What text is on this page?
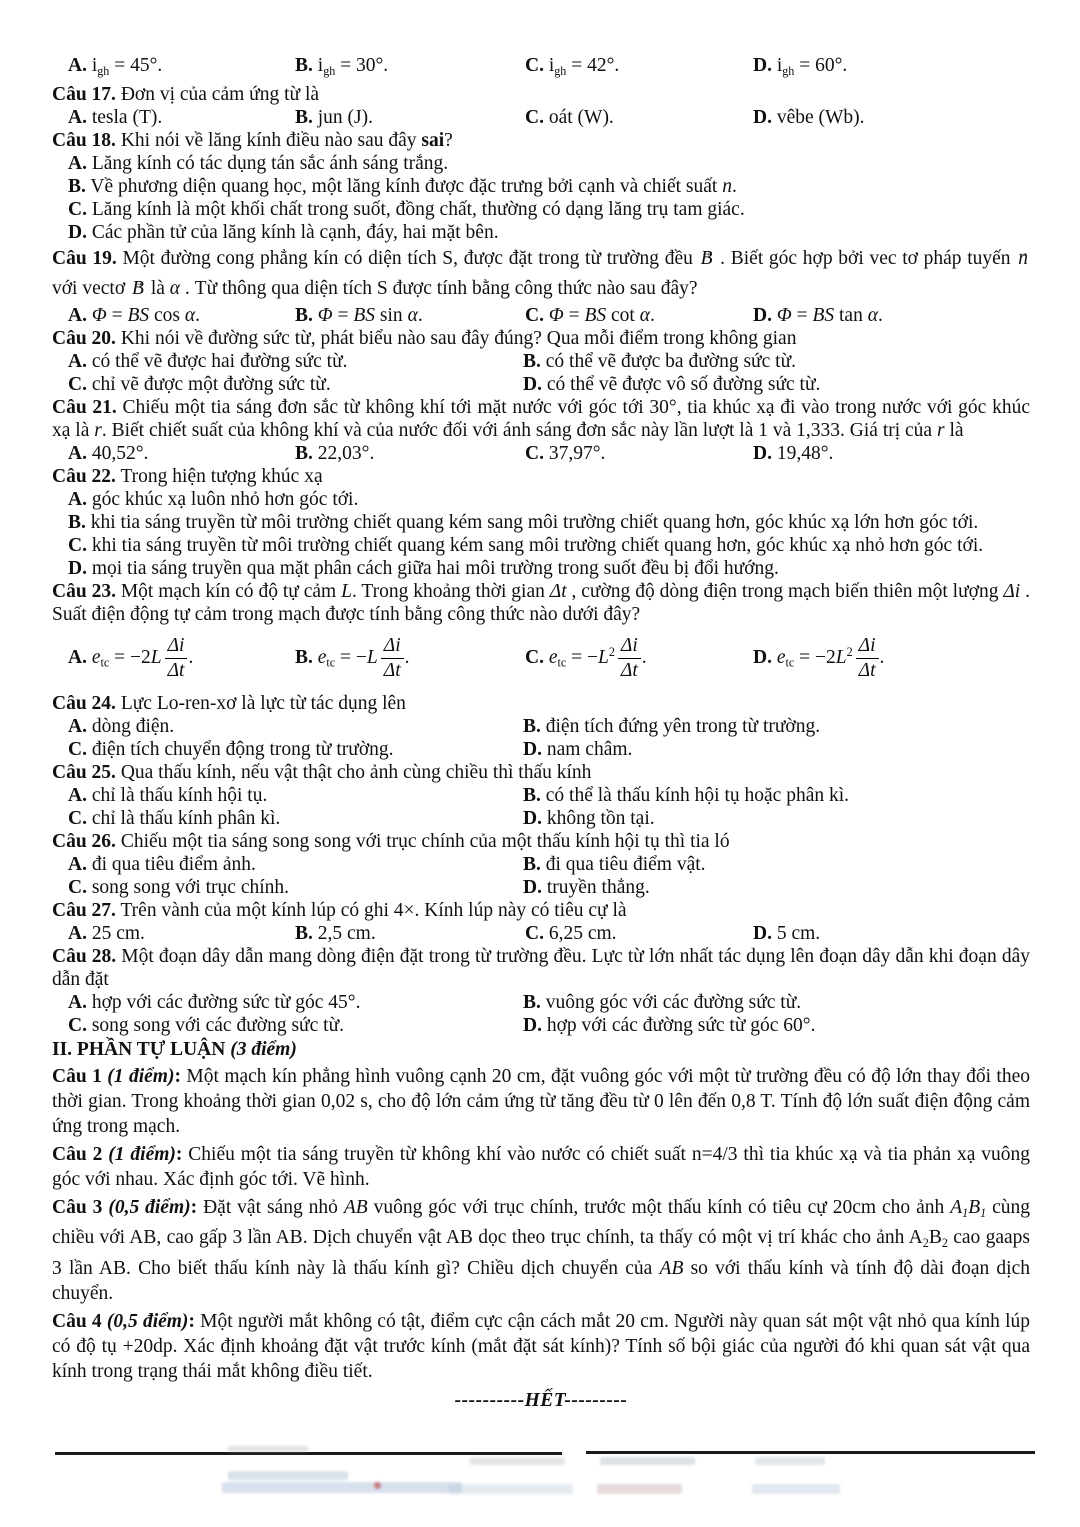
A. $i_{gh} = 45^\circ$.	B. $i_{gh} = 30^\circ$.	C. $i_{gh} = 42^\circ$.	D. $i_{gh} = 60^\circ$.
Câu 17. Đơn vị của cảm ứng từ là
A. tesla (T).	B. jun (J).	C. oát (W).	D. vêbe (Wb).
Câu 18. Khi nói về lăng kính điều nào sau đây sai?
A. Lăng kính có tác dụng tán sắc ánh sáng trắng.
B. Về phương diện quang học, một lăng kính được đặc trưng bởi cạnh và chiết suất n.
C. Lăng kính là một khối chất trong suốt, đồng chất, thường có dạng lăng trụ tam giác.
D. Các phần tử của lăng kính là cạnh, đáy, hai mặt bên.
Câu 19. Một đường cong phẳng kín có diện tích S, được đặt trong từ trường đều B → . Biết góc hợp bởi vec tơ pháp tuyến n → với vectơ B → là α . Từ thông qua diện tích S được tính bằng công thức nào sau đây?
A. Φ = BS cos α.	B. Φ = BS sin α.	C. Φ = BS cot α.	D. Φ = BS tan α.
Câu 20. Khi nói về đường sức từ, phát biểu nào sau đây đúng? Qua mỗi điểm trong không gian
A. có thể vẽ được hai đường sức từ.	B. có thể vẽ được ba đường sức từ.
C. chỉ vẽ được một đường sức từ.	D. có thể vẽ được vô số đường sức từ.
Câu 21. Chiếu một tia sáng đơn sắc từ không khí tới mặt nước với góc tới 30°, tia khúc xạ đi vào trong nước với góc khúc xạ là r. Biết chiết suất của không khí và của nước đối với ánh sáng đơn sắc này lần lượt là 1 và 1,333. Giá trị của r là
A. 40,52°.	B. 22,03°.	C. 37,97°.	D. 19,48°.
Câu 22. Trong hiện tượng khúc xạ
A. góc khúc xạ luôn nhỏ hơn góc tới.
B. khi tia sáng truyền từ môi trường chiết quang kém sang môi trường chiết quang hơn, góc khúc xạ lớn hơn góc tới.
C. khi tia sáng truyền từ môi trường chiết quang kém sang môi trường chiết quang hơn, góc khúc xạ nhỏ hơn góc tới.
D. mọi tia sáng truyền qua mặt phân cách giữa hai môi trường trong suốt đều bị đổi hướng.
Câu 23. Một mạch kín có độ tự cảm L. Trong khoảng thời gian Δt , cường độ dòng điện trong mạch biến thiên một lượng Δi . Suất điện động tự cảm trong mạch được tính bằng công thức nào dưới đây?
A. $e_{tc} = -2L \frac{\Delta i}{\Delta t}$ .	B. $e_{tc} = -L \frac{\Delta i}{\Delta t}$ .	C. $e_{tc} = -L^2 \frac{\Delta i}{\Delta t}$ .	D. $e_{tc} = -2L^2 \frac{\Delta i}{\Delta t}$ .
Câu 24. Lực Lo-ren-xơ là lực từ tác dụng lên
A. dòng điện.	B. điện tích đứng yên trong từ trường.
C. điện tích chuyển động trong từ trường.	D. nam châm.
Câu 25. Qua thấu kính, nếu vật thật cho ảnh cùng chiều thì thấu kính
A. chỉ là thấu kính hội tụ.	B. có thể là thấu kính hội tụ hoặc phân kì.
C. chỉ là thấu kính phân kì.	D. không tồn tại.
Câu 26. Chiếu một tia sáng song song với trục chính của một thấu kính hội tụ thì tia ló
A. đi qua tiêu điểm ảnh.	B. đi qua tiêu điểm vật.
C. song song với trục chính.	D. truyền thẳng.
Câu 27. Trên vành của một kính lúp có ghi 4×. Kính lúp này có tiêu cự là
A. 25 cm.	B. 2,5 cm.	C. 6,25 cm.	D. 5 cm.
Câu 28. Một đoạn dây dẫn mang dòng điện đặt trong từ trường đều. Lực từ lớn nhất tác dụng lên đoạn dây dẫn khi đoạn dây dẫn đặt
A. hợp với các đường sức từ góc 45°.	B. vuông góc với các đường sức từ.
C. song song với các đường sức từ.	D. hợp với các đường sức từ góc 60°.
II. PHẦN TỰ LUẬN (3 điểm)
Câu 1 (1 điểm): Một mạch kín phẳng hình vuông cạnh 20 cm, đặt vuông góc với một từ trường đều có độ lớn thay đổi theo thời gian. Trong khoảng thời gian 0,02 s, cho độ lớn cảm ứng từ tăng đều từ 0 lên đến 0,8 T. Tính độ lớn suất điện động cảm ứng trong mạch.
Câu 2 (1 điểm): Chiếu một tia sáng truyền từ không khí vào nước có chiết suất n=4/3 thì tia khúc xạ và tia phản xạ vuông góc với nhau. Xác định góc tới. Vẽ hình.
Câu 3 (0,5 điểm): Đặt vật sáng nhỏ AB vuông góc với trục chính, trước một thấu kính có tiêu cự 20cm cho ảnh $A_1B_1$ cùng chiều với AB, cao gấp 3 lần AB. Dịch chuyển vật AB dọc theo trục chính, ta thấy có một vị trí khác cho ảnh $A_2B_2$ cao gaaps 3 lần AB. Cho biết thấu kính này là thấu kính gì? Chiều dịch chuyển của AB so với thấu kính và tính độ dài đoạn dịch chuyển.
Câu 4 (0,5 điểm): Một người mắt không có tật, điểm cực cận cách mắt 20 cm. Người này quan sát một vật nhỏ qua kính lúp có độ tụ +20dp. Xác định khoảng đặt vật trước kính (mắt đặt sát kính)? Tính số bội giác của người đó khi quan sát vật qua kính trong trạng thái mắt không điều tiết.
----------HẾT---------
